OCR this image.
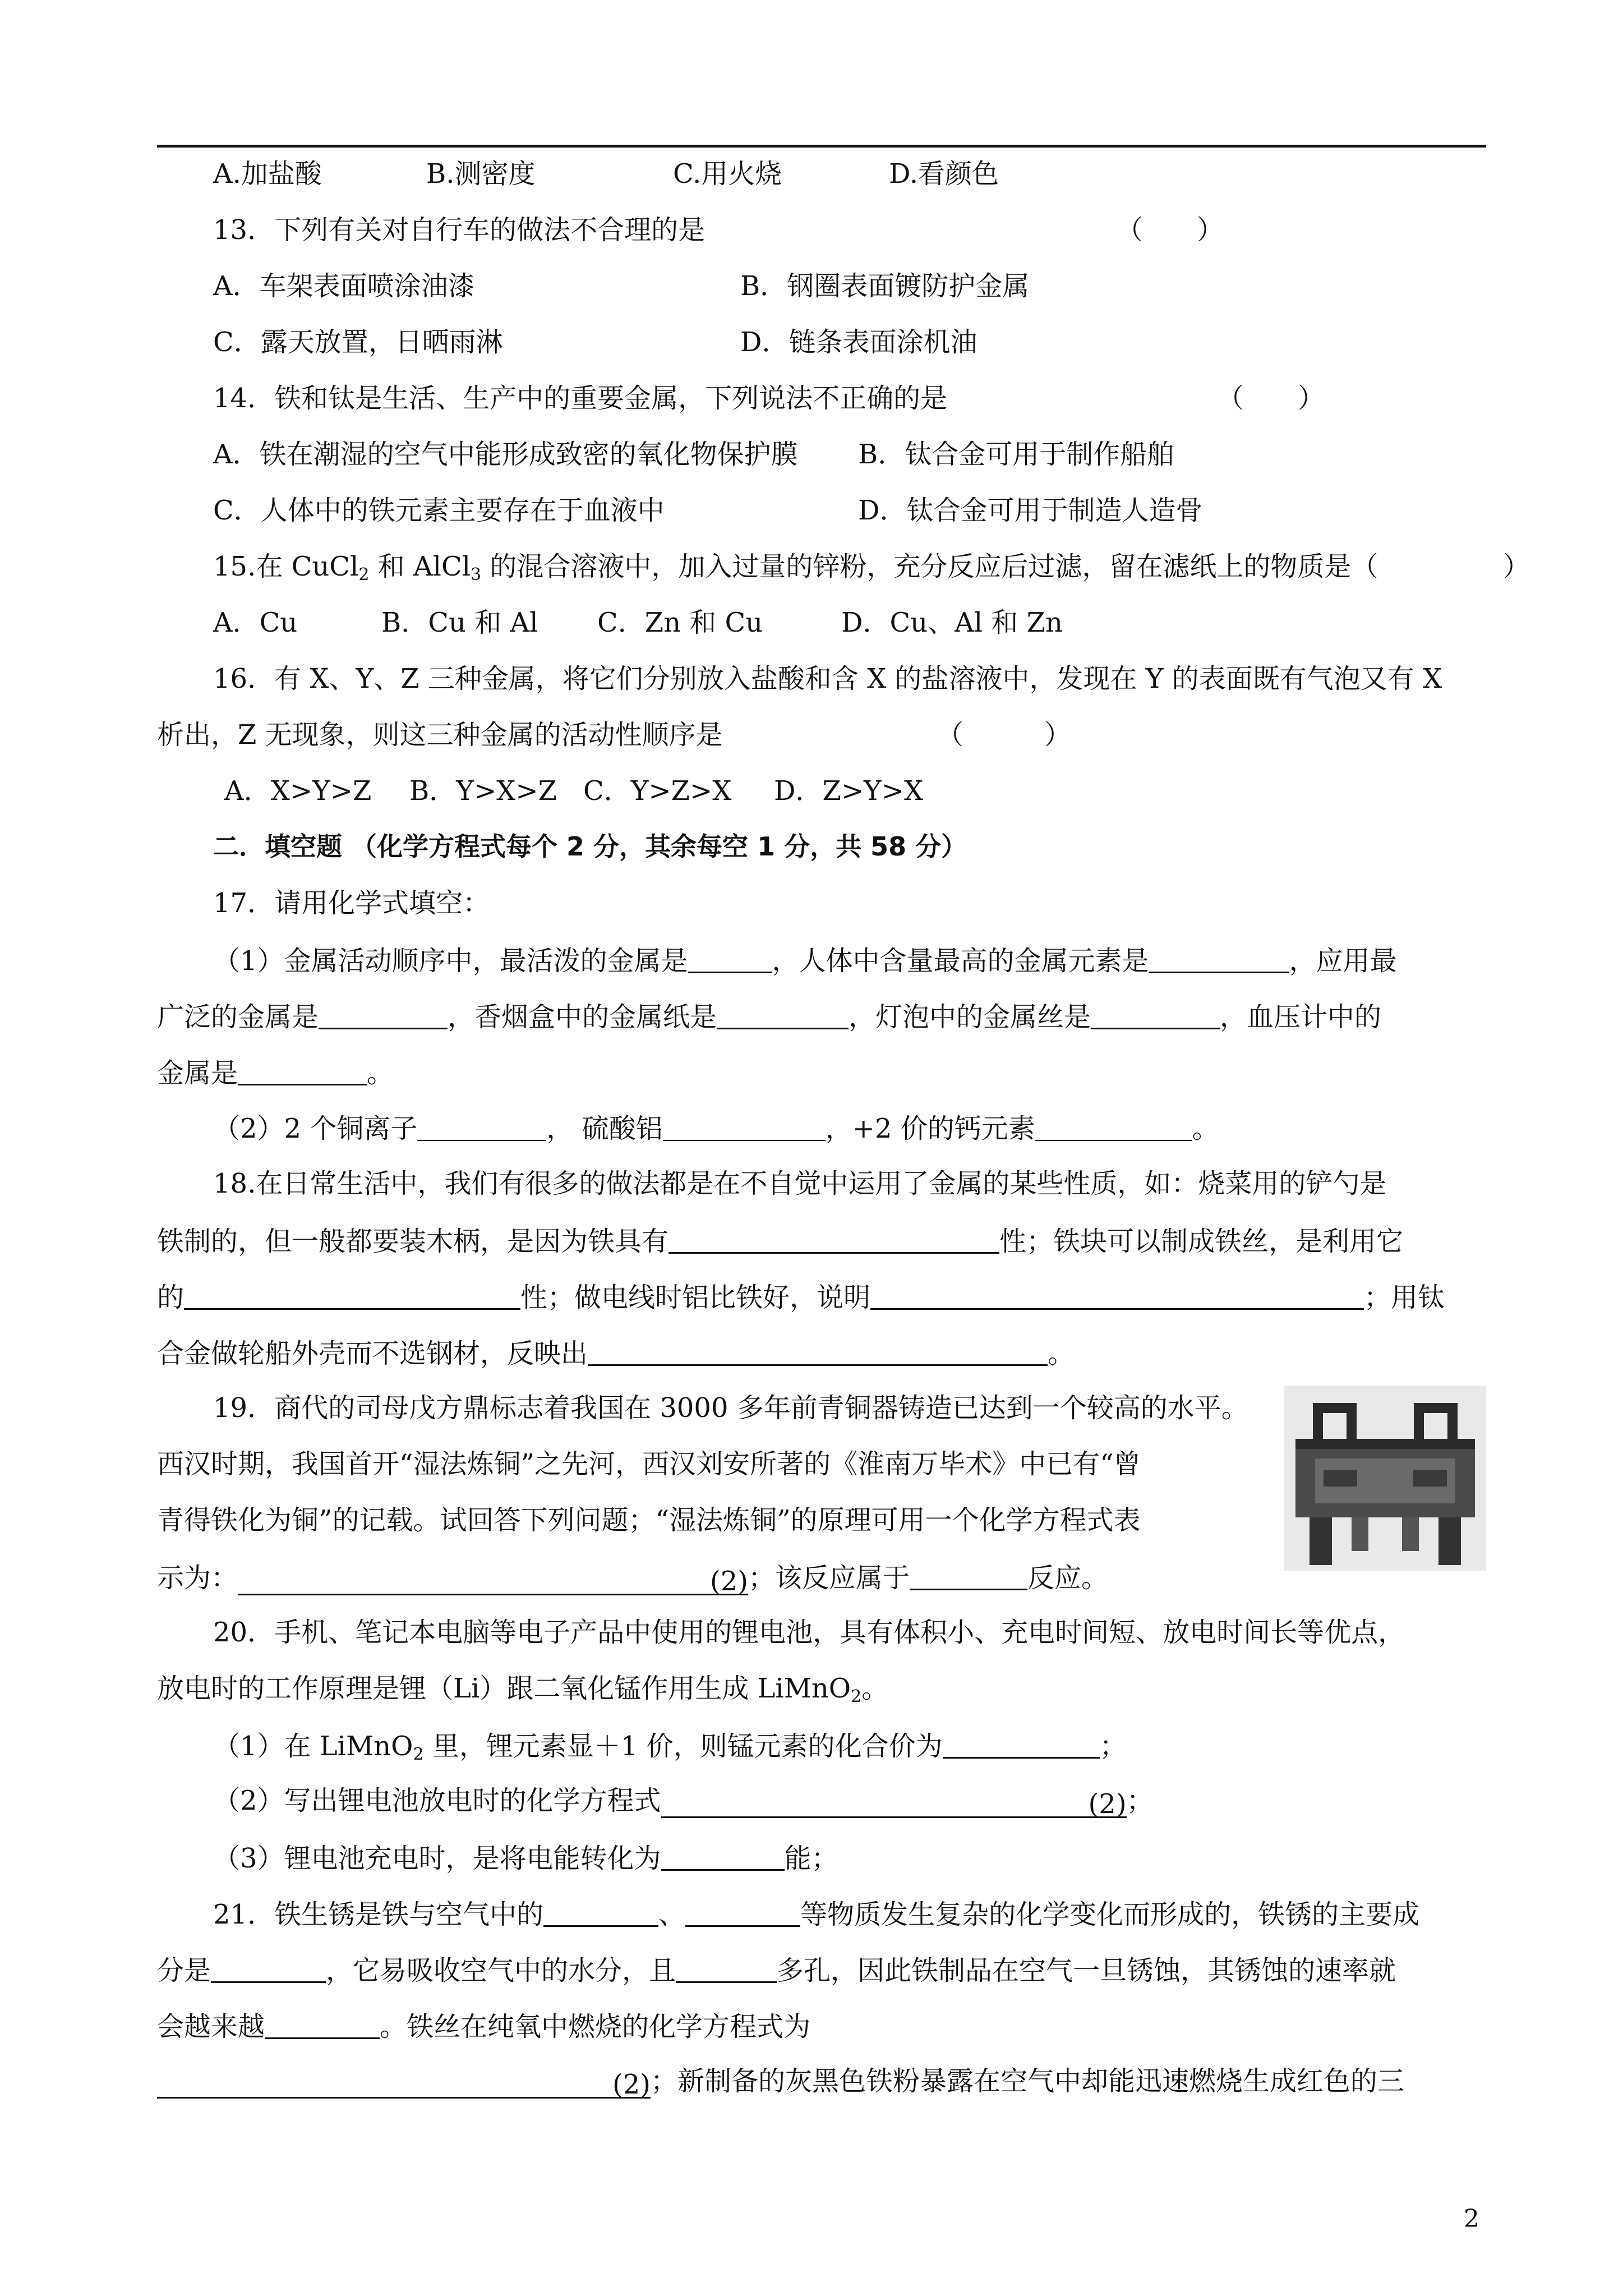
A.加盐酸	B.测密度	C.用火烧	D.看颜色
13．下列有关对自行车的做法不合理的是	（　　）
A．车架表面喷涂油漆	B．钢圈表面镀防护金属
C．露天放置，日晒雨淋	D．链条表面涂机油
14．铁和钛是生活、生产中的重要金属，下列说法不正确的是	（　　）
A．铁在潮湿的空气中能形成致密的氧化物保护膜 B．钛合金可用于制作船舶
C．人体中的铁元素主要存在于血液中	D．钛合金可用于制造人造骨
15.在 CuCl$_2$ 和 AlCl$_3$ 的混合溶液中，加入过量的锌粉，充分反应后过滤，留在滤纸上的物质是（	）
A．Cu	B．Cu 和 Al C．Zn 和 Cu	D．Cu、Al 和 Zn
16．有 X、Y、Z 三种金属，将它们分别放入盐酸和含 X 的盐溶液中，发现在 Y 的表面既有气泡又有 X
析出，Z 无现象，则这三种金属的活动性顺序是	（　　　）
A．X>Y>Z B．Y>X>Z C．Y>Z>X D．Z>Y>X
二．填空题 （化学方程式每个 2 分，其余每空 1 分，共 58 分）
17．请用化学式填空：
（1）金属活动顺序中，最活泼的金属是	，人体中含量最高的金属元素是	，应用最
广泛的金属是	，香烟盒中的金属纸是	，灯泡中的金属丝是	，血压计中的
金属是	。
（2）2 个铜离子	， 硫酸铝	，+2 价的钙元素	。
18.在日常生活中，我们有很多的做法都是在不自觉中运用了金属的某些性质，如：烧菜用的铲勺是
铁制的，但一般都要装木柄，是因为铁具有	性；铁块可以制成铁丝，是利用它
的	性；做电线时铝比铁好，说明	；用钛
合金做轮船外壳而不选钢材，反映出	。
19．商代的司母戊方鼎标志着我国在 3000 多年前青铜器铸造已达到一个较高的水平。
西汉时期，我国首开“湿法炼铜”之先河，西汉刘安所著的《淮南万毕术》中已有“曾
青得铁化为铜”的记载。试回答下列问题；“湿法炼铜”的原理可用一个化学方程式表
示为：	(2)；该反应属于	反应。
20．手机、笔记本电脑等电子产品中使用的锂电池，具有体积小、充电时间短、放电时间长等优点，
放电时的工作原理是锂（Li）跟二氧化锰作用生成 LiMnO$_2$。
（1）在 LiMnO$_2$ 里，锂元素显＋1 价，则锰元素的化合价为	；
（2）写出锂电池放电时的化学方程式	(2)；
（3）锂电池充电时，是将电能转化为	能；
21．铁生锈是铁与空气中的	、	等物质发生复杂的化学变化而形成的，铁锈的主要成
分是	，它易吸收空气中的水分，且	多孔，因此铁制品在空气一旦锈蚀，其锈蚀的速率就
会越来越	。铁丝在纯氧中燃烧的化学方程式为
(2)；新制备的灰黑色铁粉暴露在空气中却能迅速燃烧生成红色的三
2
